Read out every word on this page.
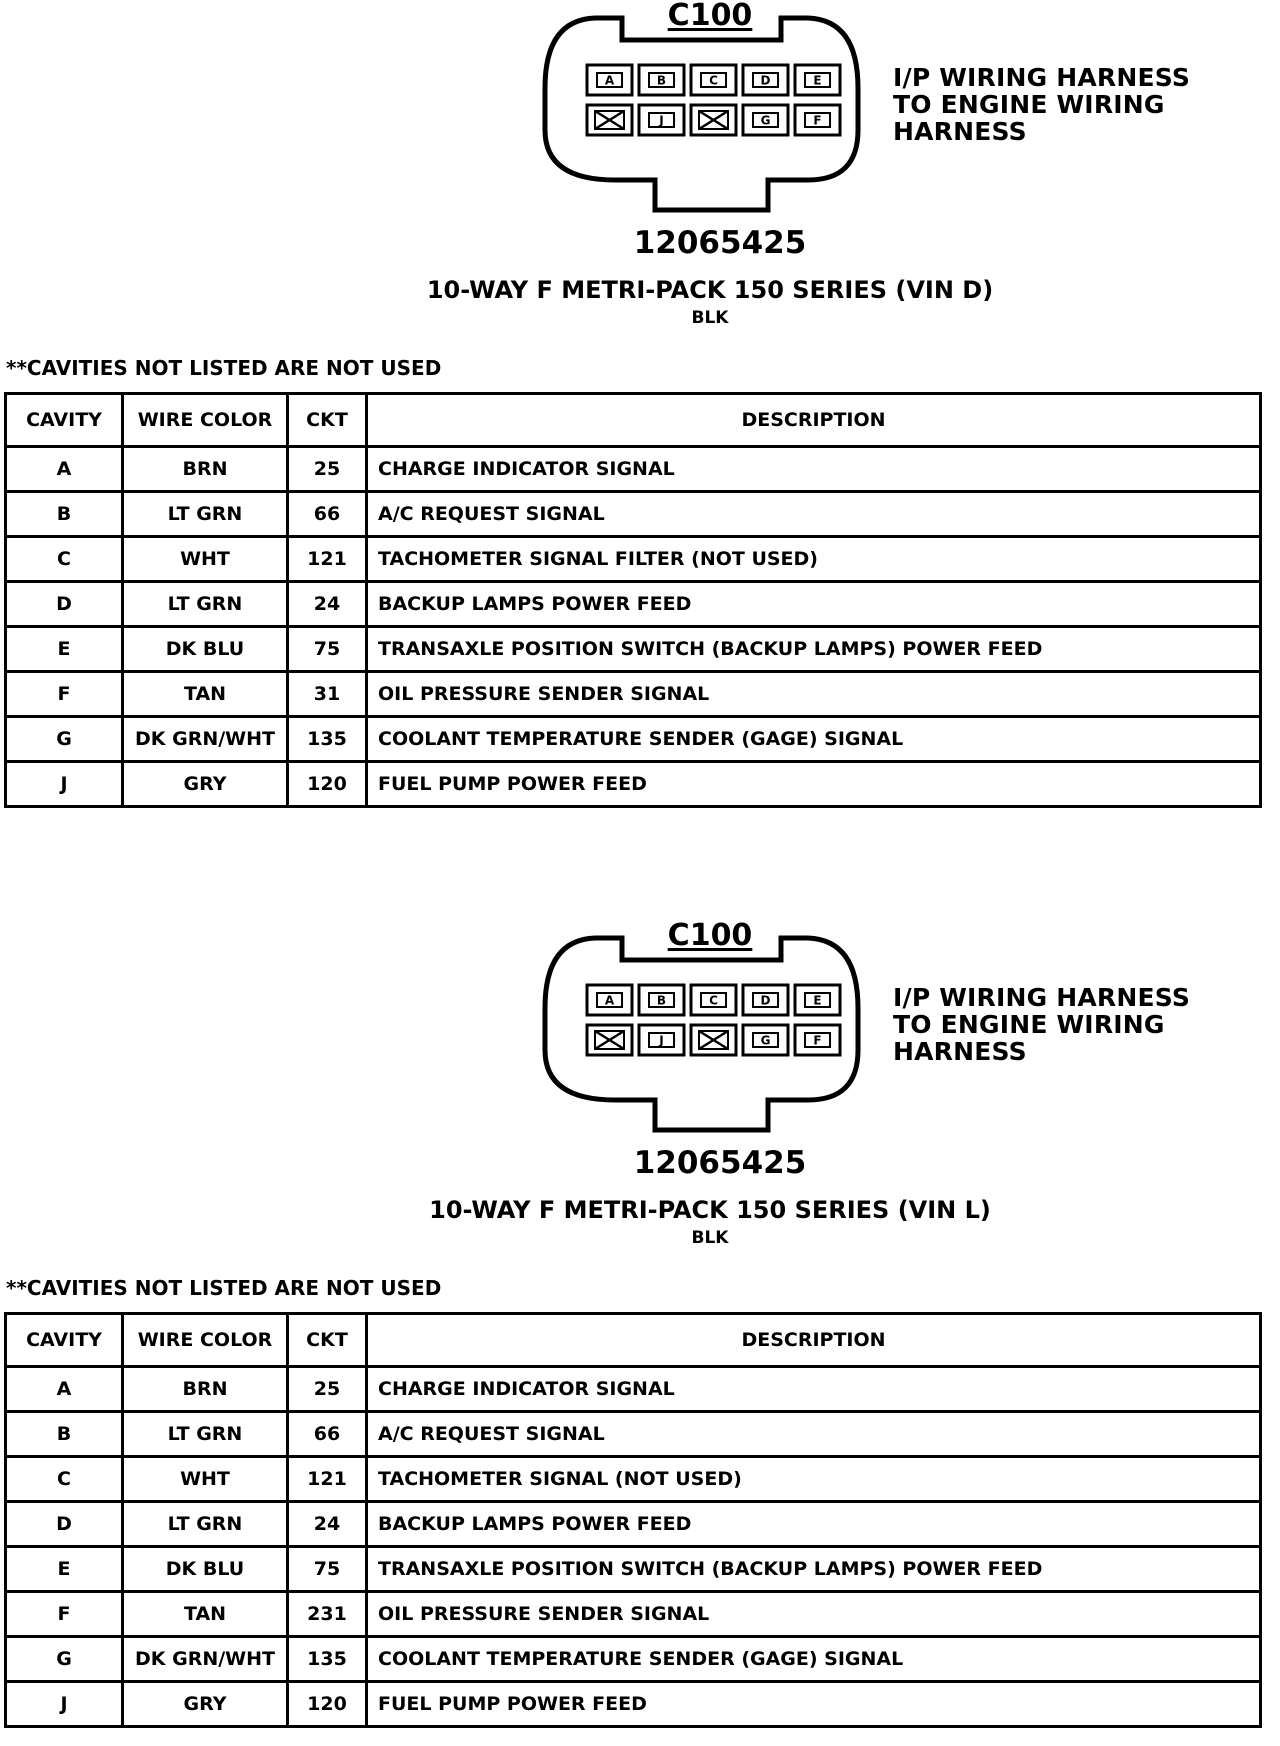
A	B	C	D	E
J	G	F
C100
I/P WIRING HARNESS
TO ENGINE WIRING
HARNESS
12065425
10-WAY F METRI-PACK 150 SERIES (VIN D)
BLK
**CAVITIES NOT LISTED ARE NOT USED
CAVITY	WIRE COLOR	CKT	DESCRIPTION
A	BRN	25	CHARGE INDICATOR SIGNAL
B	LT GRN	66	A/C REQUEST SIGNAL
C	WHT	121	TACHOMETER SIGNAL FILTER (NOT USED)
D	LT GRN	24	BACKUP LAMPS POWER FEED
E	DK BLU	75	TRANSAXLE POSITION SWITCH (BACKUP LAMPS) POWER FEED
F	TAN	31	OIL PRESSURE SENDER SIGNAL
G	DK GRN/WHT	135	COOLANT TEMPERATURE SENDER (GAGE) SIGNAL
J	GRY	120	FUEL PUMP POWER FEED
A	B	C	D	E
J	G	F
C100
I/P WIRING HARNESS
TO ENGINE WIRING
HARNESS
12065425
10-WAY F METRI-PACK 150 SERIES (VIN L)
BLK
**CAVITIES NOT LISTED ARE NOT USED
CAVITY	WIRE COLOR	CKT	DESCRIPTION
A	BRN	25	CHARGE INDICATOR SIGNAL
B	LT GRN	66	A/C REQUEST SIGNAL
C	WHT	121	TACHOMETER SIGNAL (NOT USED)
D	LT GRN	24	BACKUP LAMPS POWER FEED
E	DK BLU	75	TRANSAXLE POSITION SWITCH (BACKUP LAMPS) POWER FEED
F	TAN	231	OIL PRESSURE SENDER SIGNAL
G	DK GRN/WHT	135	COOLANT TEMPERATURE SENDER (GAGE) SIGNAL
J	GRY	120	FUEL PUMP POWER FEED
